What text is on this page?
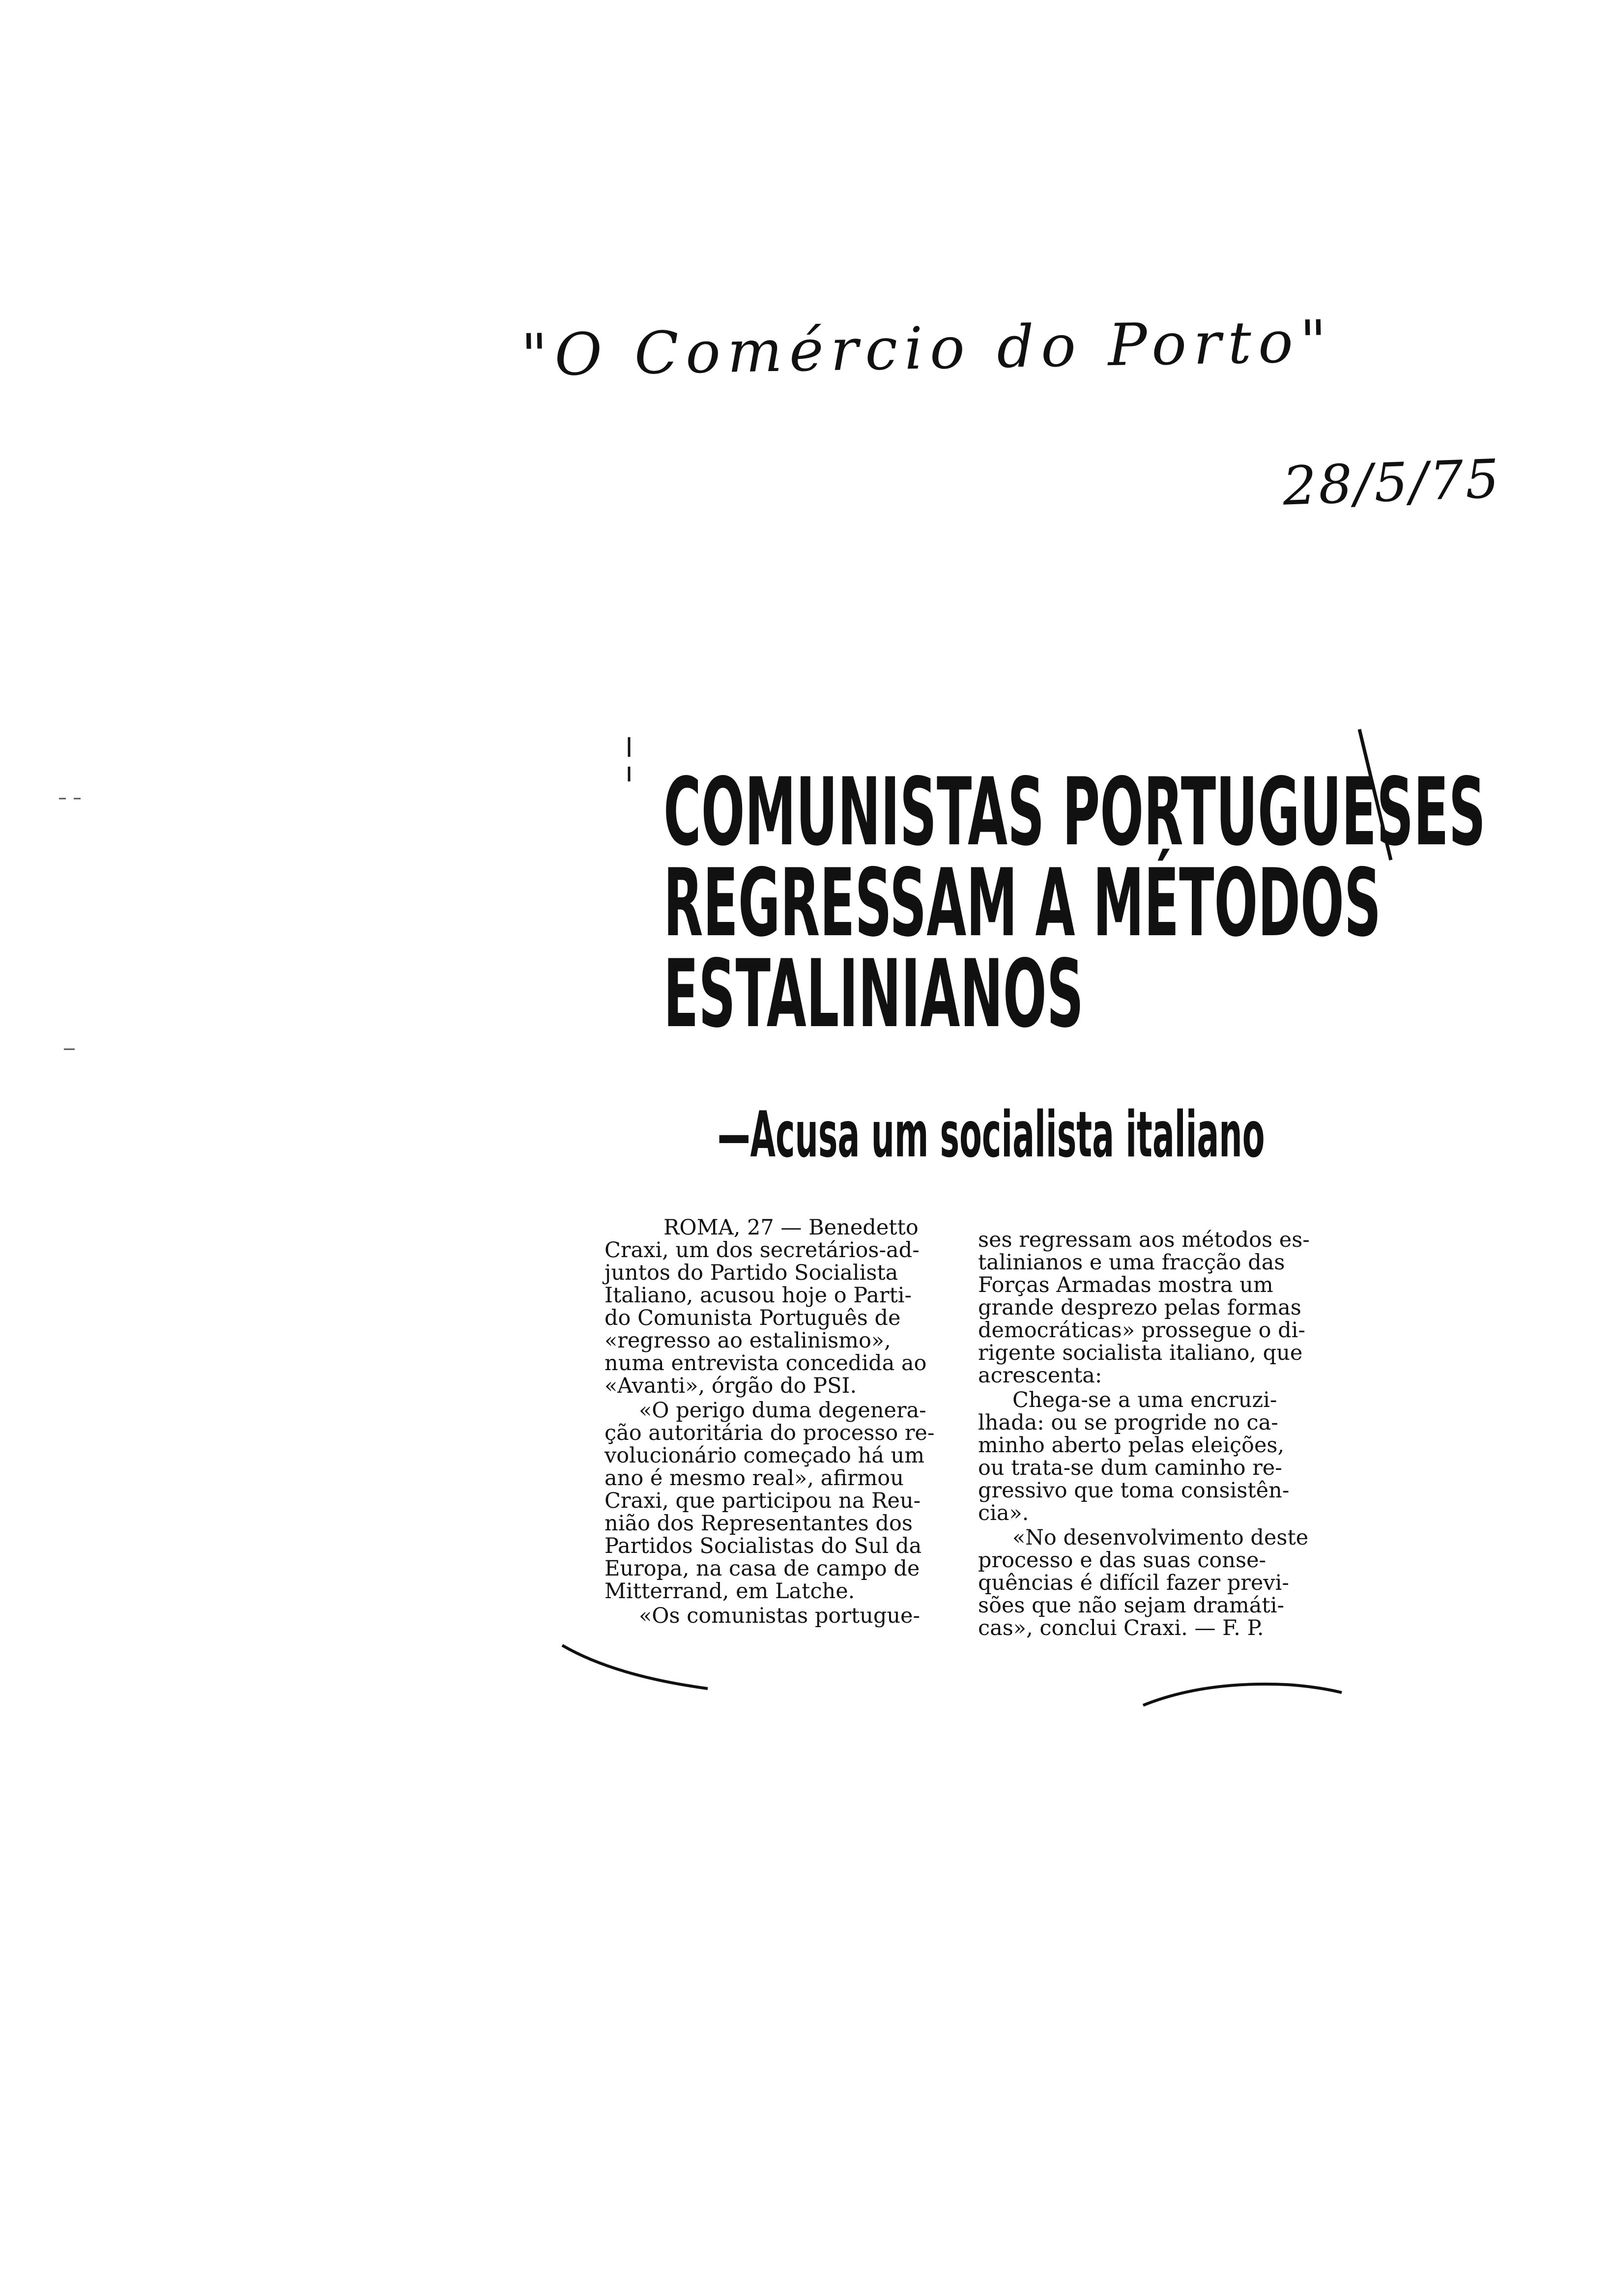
"O Comércio do Porto"
28/5/75
COMUNISTAS PORTUGUESES
REGRESSAM A MÉTODOS
ESTALINIANOS
—Acusa um socialista italiano

ROMA, 27 — Benedetto
Craxi, um dos secretários-ad-
juntos do Partido Socialista
Italiano, acusou hoje o Parti-
do Comunista Português de
«regresso ao estalinismo»,
numa entrevista concedida ao
«Avanti», órgão do PSI.

«O perigo duma degenera-
ção autoritária do processo re-
volucionário começado há um
ano é mesmo real», afirmou
Craxi, que participou na Reu-
nião dos Representantes dos
Partidos Socialistas do Sul da
Europa, na casa de campo de
Mitterrand, em Latche.

«Os comunistas portugue-

ses regressam aos métodos es-
talinianos e uma fracção das
Forças Armadas mostra um
grande desprezo pelas formas
democráticas» prossegue o di-
rigente socialista italiano, que
acrescenta:

Chega-se a uma encruzi-
lhada: ou se progride no ca-
minho aberto pelas eleições,
ou trata-se dum caminho re-
gressivo que toma consistên-
cia».

«No desenvolvimento deste
processo e das suas conse-
quências é difícil fazer previ-
sões que não sejam dramáti-
cas», conclui Craxi. — F. P.
